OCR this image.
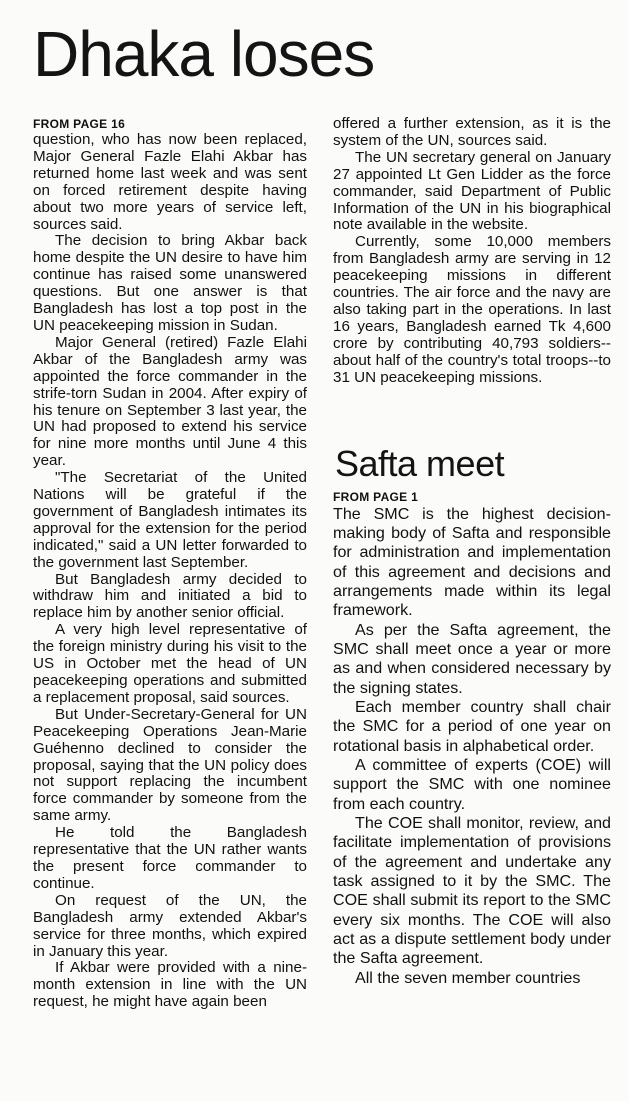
Dhaka loses
FROM PAGE 16

question, who has now been replaced, Major General Fazle Elahi Akbar has returned home last week and was sent on forced retirement despite having about two more years of service left, sources said.

The decision to bring Akbar back home despite the UN desire to have him continue has raised some unanswered questions. But one answer is that Bangladesh has lost a top post in the UN peacekeeping mission in Sudan.

Major General (retired) Fazle Elahi Akbar of the Bangladesh army was appointed the force commander in the strife-torn Sudan in 2004. After expiry of his tenure on September 3 last year, the UN had proposed to extend his service for nine more months until June 4 this year.

"The Secretariat of the United Nations will be grateful if the government of Bangladesh intimates its approval for the extension for the period indicated," said a UN letter forwarded to the government last September.

But Bangladesh army decided to withdraw him and initiated a bid to replace him by another senior official.

A very high level representative of the foreign ministry during his visit to the US in October met the head of UN peacekeeping operations and submitted a replacement proposal, said sources.

But Under-Secretary-General for UN Peacekeeping Operations Jean-Marie Guéhenno declined to consider the proposal, saying that the UN policy does not support replacing the incumbent force commander by someone from the same army.

He told the Bangladesh representative that the UN rather wants the present force commander to continue.

On request of the UN, the Bangladesh army extended Akbar's service for three months, which expired in January this year.

If Akbar were provided with a nine-month extension in line with the UN request, he might have again been

offered a further extension, as it is the system of the UN, sources said.

The UN secretary general on January 27 appointed Lt Gen Lidder as the force commander, said Department of Public Information of the UN in his biographical note available in the website.

Currently, some 10,000 members from Bangladesh army are serving in 12 peacekeeping missions in different countries. The air force and the navy are also taking part in the operations. In last 16 years, Bangladesh earned Tk 4,600 crore by contributing 40,793 soldiers--about half of the country's total troops--to 31 UN peacekeeping missions.

Safta meet
FROM PAGE 1

The SMC is the highest decision-making body of Safta and responsible for administration and implementation of this agreement and decisions and arrangements made within its legal framework.

As per the Safta agreement, the SMC shall meet once a year or more as and when considered necessary by the signing states.

Each member country shall chair the SMC for a period of one year on rotational basis in alphabetical order.

A committee of experts (COE) will support the SMC with one nominee from each country.

The COE shall monitor, review, and facilitate implementation of provisions of the agreement and undertake any task assigned to it by the SMC. The COE shall submit its report to the SMC every six months. The COE will also act as a dispute settlement body under the Safta agreement.

All the seven member countries
